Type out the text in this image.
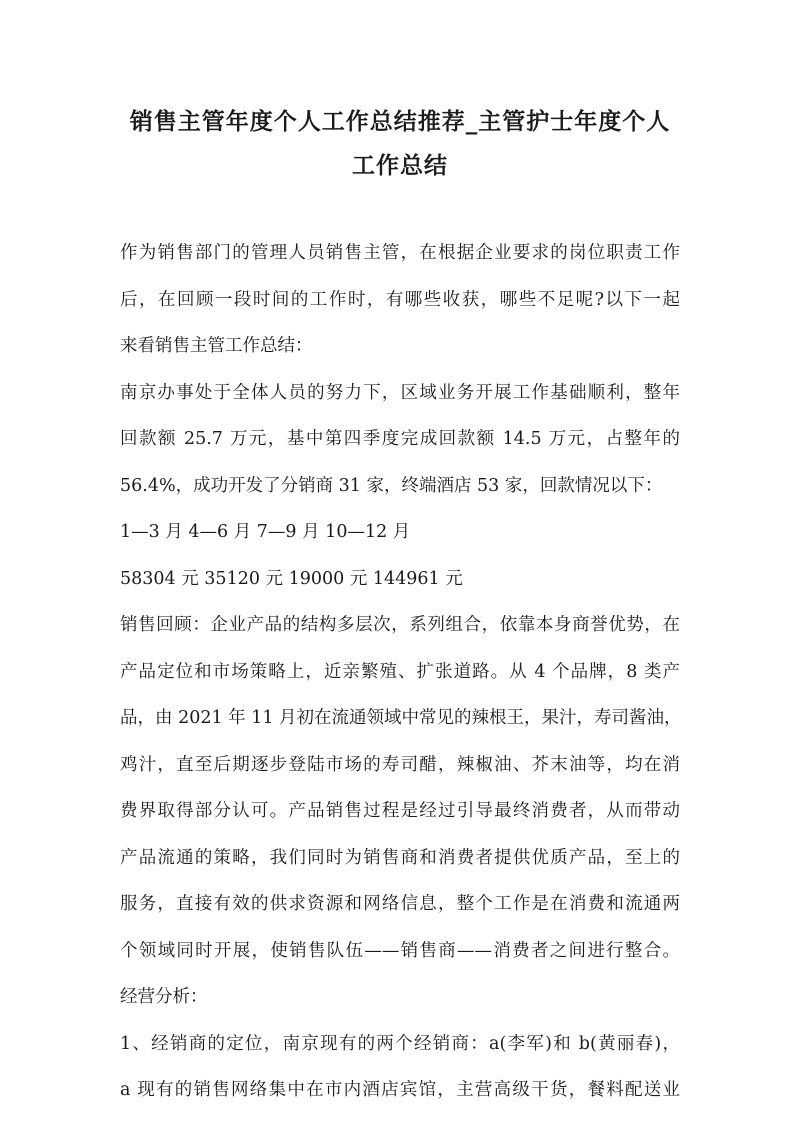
销售主管年度个人工作总结推荐_主管护士年度个人
工作总结

作为销售部门的管理人员销售主管，在根据企业要求的岗位职责工作
后，在回顾一段时间的工作时，有哪些收获，哪些不足呢?以下一起
来看销售主管工作总结：

南京办事处于全体人员的努力下，区域业务开展工作基础顺利，整年
回款额 25.7 万元，基中第四季度完成回款额 14.5 万元，占整年的
56.4%，成功开发了分销商 31 家，终端酒店 53 家，回款情况以下：

1—3 月 4—6 月 7—9 月 10—12 月

58304 元 35120 元 19000 元 144961 元

销售回顾：企业产品的结构多层次，系列组合，依靠本身商誉优势，在
产品定位和市场策略上，近亲繁殖、扩张道路。从 4 个品牌，8 类产
品，由 2021 年 11 月初在流通领域中常见的辣根王，果汁，寿司酱油，
鸡汁，直至后期逐步登陆市场的寿司醋，辣椒油、芥末油等，均在消
费界取得部分认可。产品销售过程是经过引导最终消费者，从而带动
产品流通的策略，我们同时为销售商和消费者提供优质产品，至上的
服务，直接有效的供求资源和网络信息，整个工作是在消费和流通两
个领域同时开展，使销售队伍——销售商——消费者之间进行整合。

经营分析：

1、经销商的定位，南京现有的两个经销商：a(李军)和 b(黄丽春)，
a 现有的销售网络集中在市内酒店宾馆，主营高级干货，餐料配送业
